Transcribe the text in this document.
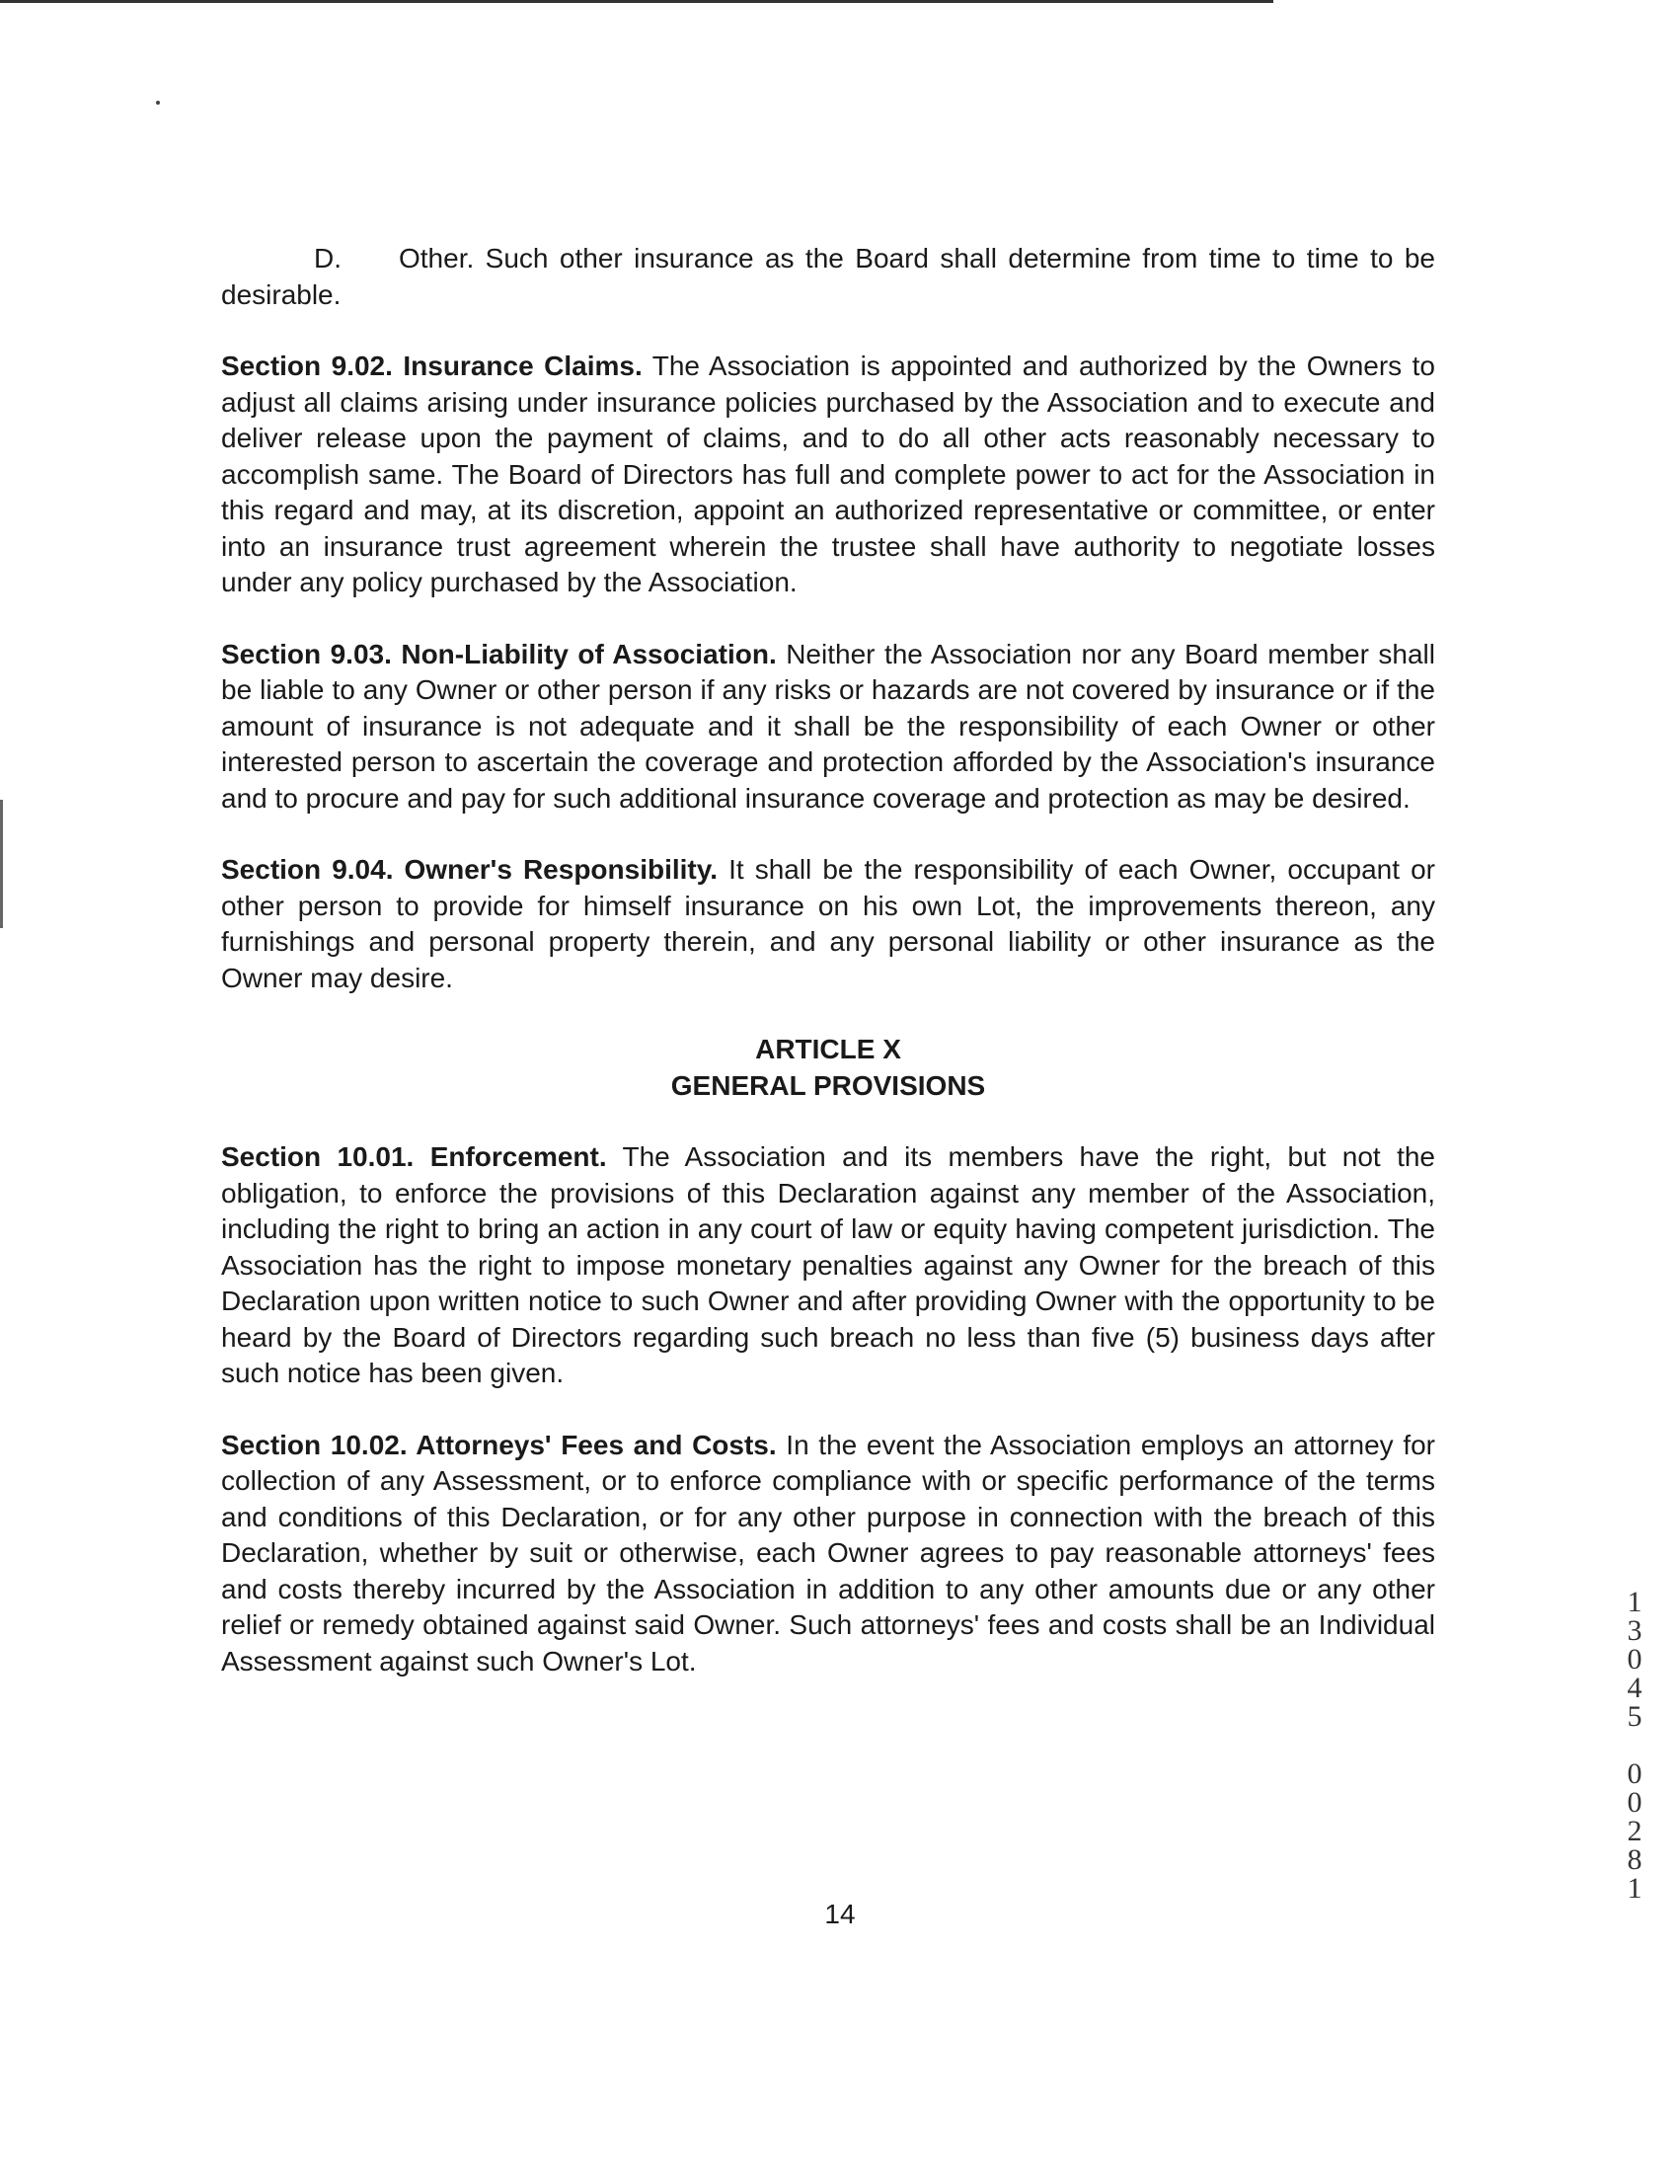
D. Other. Such other insurance as the Board shall determine from time to time to be desirable.

Section 9.02. Insurance Claims. The Association is appointed and authorized by the Owners to adjust all claims arising under insurance policies purchased by the Association and to execute and deliver release upon the payment of claims, and to do all other acts reasonably necessary to accomplish same. The Board of Directors has full and complete power to act for the Association in this regard and may, at its discretion, appoint an authorized representative or committee, or enter into an insurance trust agreement wherein the trustee shall have authority to negotiate losses under any policy purchased by the Association.

Section 9.03. Non-Liability of Association. Neither the Association nor any Board member shall be liable to any Owner or other person if any risks or hazards are not covered by insurance or if the amount of insurance is not adequate and it shall be the responsibility of each Owner or other interested person to ascertain the coverage and protection afforded by the Association's insurance and to procure and pay for such additional insurance coverage and protection as may be desired.

Section 9.04. Owner's Responsibility. It shall be the responsibility of each Owner, occupant or other person to provide for himself insurance on his own Lot, the improvements thereon, any furnishings and personal property therein, and any personal liability or other insurance as the Owner may desire.

ARTICLE X
GENERAL PROVISIONS

Section 10.01. Enforcement. The Association and its members have the right, but not the obligation, to enforce the provisions of this Declaration against any member of the Association, including the right to bring an action in any court of law or equity having competent jurisdiction. The Association has the right to impose monetary penalties against any Owner for the breach of this Declaration upon written notice to such Owner and after providing Owner with the opportunity to be heard by the Board of Directors regarding such breach no less than five (5) business days after such notice has been given.

Section 10.02. Attorneys' Fees and Costs. In the event the Association employs an attorney for collection of any Assessment, or to enforce compliance with or specific performance of the terms and conditions of this Declaration, or for any other purpose in connection with the breach of this Declaration, whether by suit or otherwise, each Owner agrees to pay reasonable attorneys' fees and costs thereby incurred by the Association in addition to any other amounts due or any other relief or remedy obtained against said Owner. Such attorneys' fees and costs shall be an Individual Assessment against such Owner's Lot.

14
1
3
0
4
5
0
0
2
8
1
